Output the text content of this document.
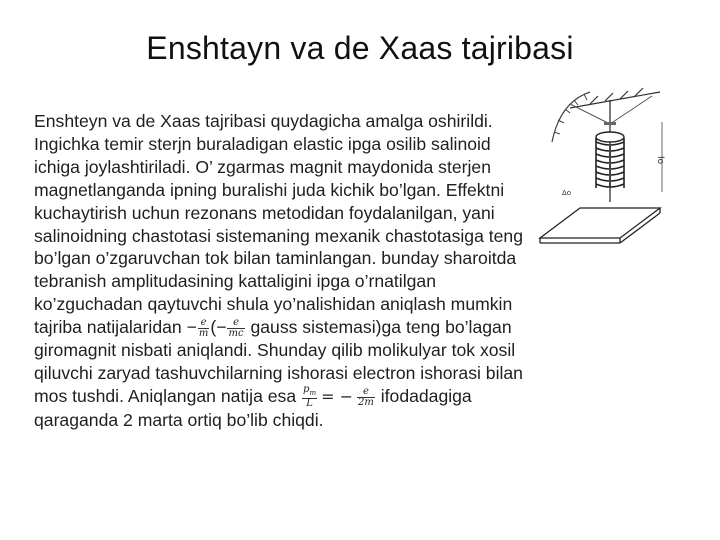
Enshtayn va de Xaas tajribasi
Ιο
Δο
Enshteyn va de Xaas tajribasi quydagicha amalga oshirildi.
Ingichka temir sterjn buraladigan elastic ipga osilib salinoid
ichiga joylashtiriladi. O’ zgarmas magnit maydonida sterjen
magnetlanganda ipning buralishi juda kichik bo’lgan. Effektni
kuchaytirish uchun rezonans metodidan foydalanilgan, yani
salinoidning chastotasi sistemaning mexanik chastotasiga teng
bo’lgan o’zgaruvchan tok bilan taminlangan. bunday sharoitda
tebranish amplitudasining kattaligini ipga o’rnatilgan
ko’zguchadan qaytuvchi shula yo’nalishidan aniqlash mumkin
tajriba natijalaridan − $\frac{e}{m}$ (− $\frac{e}{mc}$ gauss sistemasi)ga teng bo’lagan
giromagnit nisbati aniqlandi. Shunday qilib molikulyar tok xosil
qiluvchi zaryad tashuvchilarning ishorasi electron ishorasi bilan
mos tushdi. Aniqlangan natija esa $\frac{p_m}{L}$ = − $\frac{e}{2m}$ ifodadagiga
qaraganda 2 marta ortiq bo’lib chiqdi.
